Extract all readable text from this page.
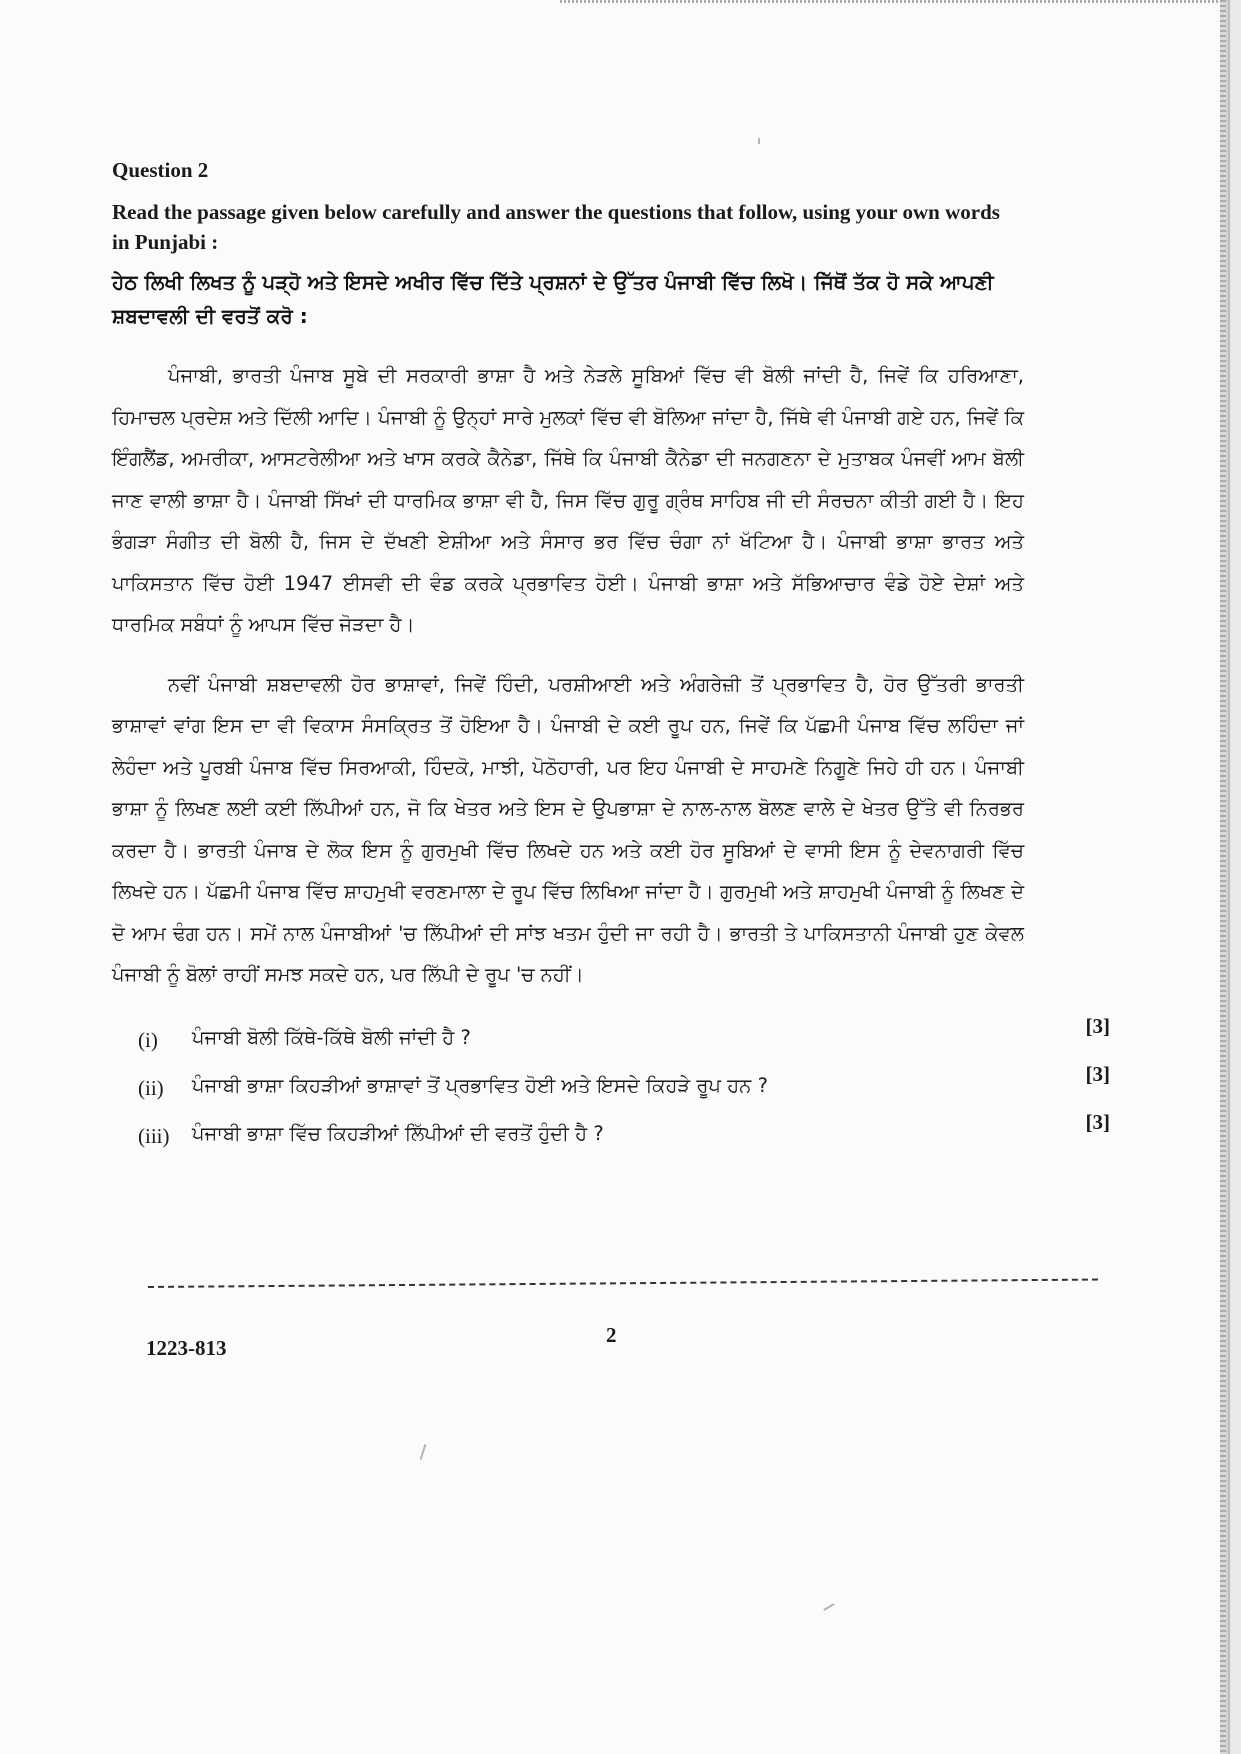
Question 2

Read the passage given below carefully and answer the questions that follow, using your own words in Punjabi :

ਹੇਠ ਲਿਖੀ ਲਿਖਤ ਨੂੰ ਪੜ੍ਹੋ ਅਤੇ ਇਸਦੇ ਅਖੀਰ ਵਿੱਚ ਦਿੱਤੇ ਪ੍ਰਸ਼ਨਾਂ ਦੇ ਉੱਤਰ ਪੰਜਾਬੀ ਵਿੱਚ ਲਿਖੋ। ਜਿੱਥੋਂ ਤੱਕ ਹੋ ਸਕੇ ਆਪਣੀ ਸ਼ਬਦਾਵਲੀ ਦੀ ਵਰਤੋਂ ਕਰੋ :

ਪੰਜਾਬੀ, ਭਾਰਤੀ ਪੰਜਾਬ ਸੂਬੇ ਦੀ ਸਰਕਾਰੀ ਭਾਸ਼ਾ ਹੈ ਅਤੇ ਨੇੜਲੇ ਸੂਬਿਆਂ ਵਿੱਚ ਵੀ ਬੋਲੀ ਜਾਂਦੀ ਹੈ, ਜਿਵੇਂ ਕਿ ਹਰਿਆਣਾ, ਹਿਮਾਚਲ ਪ੍ਰਦੇਸ਼ ਅਤੇ ਦਿੱਲੀ ਆਦਿ। ਪੰਜਾਬੀ ਨੂੰ ਉਨ੍ਹਾਂ ਸਾਰੇ ਮੁਲਕਾਂ ਵਿੱਚ ਵੀ ਬੋਲਿਆ ਜਾਂਦਾ ਹੈ, ਜਿੱਥੇ ਵੀ ਪੰਜਾਬੀ ਗਏ ਹਨ, ਜਿਵੇਂ ਕਿ ਇੰਗਲੈਂਡ, ਅਮਰੀਕਾ, ਆਸਟਰੇਲੀਆ ਅਤੇ ਖਾਸ ਕਰਕੇ ਕੈਨੇਡਾ, ਜਿੱਥੇ ਕਿ ਪੰਜਾਬੀ ਕੈਨੇਡਾ ਦੀ ਜਨਗਣਨਾ ਦੇ ਮੁਤਾਬਕ ਪੰਜਵੀਂ ਆਮ ਬੋਲੀ ਜਾਣ ਵਾਲੀ ਭਾਸ਼ਾ ਹੈ। ਪੰਜਾਬੀ ਸਿੱਖਾਂ ਦੀ ਧਾਰਮਿਕ ਭਾਸ਼ਾ ਵੀ ਹੈ, ਜਿਸ ਵਿੱਚ ਗੁਰੂ ਗ੍ਰੰਥ ਸਾਹਿਬ ਜੀ ਦੀ ਸੰਰਚਨਾ ਕੀਤੀ ਗਈ ਹੈ। ਇਹ ਭੰਗੜਾ ਸੰਗੀਤ ਦੀ ਬੋਲੀ ਹੈ, ਜਿਸ ਦੇ ਦੱਖਣੀ ਏਸ਼ੀਆ ਅਤੇ ਸੰਸਾਰ ਭਰ ਵਿੱਚ ਚੰਗਾ ਨਾਂ ਖੱਟਿਆ ਹੈ। ਪੰਜਾਬੀ ਭਾਸ਼ਾ ਭਾਰਤ ਅਤੇ ਪਾਕਿਸਤਾਨ ਵਿੱਚ ਹੋਈ 1947 ਈਸਵੀ ਦੀ ਵੰਡ ਕਰਕੇ ਪ੍ਰਭਾਵਿਤ ਹੋਈ। ਪੰਜਾਬੀ ਭਾਸ਼ਾ ਅਤੇ ਸੱਭਿਆਚਾਰ ਵੰਡੇ ਹੋਏ ਦੇਸ਼ਾਂ ਅਤੇ ਧਾਰਮਿਕ ਸਬੰਧਾਂ ਨੂੰ ਆਪਸ ਵਿੱਚ ਜੋੜਦਾ ਹੈ।

ਨਵੀਂ ਪੰਜਾਬੀ ਸ਼ਬਦਾਵਲੀ ਹੋਰ ਭਾਸ਼ਾਵਾਂ, ਜਿਵੇਂ ਹਿੰਦੀ, ਪਰਸ਼ੀਆਈ ਅਤੇ ਅੰਗਰੇਜ਼ੀ ਤੋਂ ਪ੍ਰਭਾਵਿਤ ਹੈ, ਹੋਰ ਉੱਤਰੀ ਭਾਰਤੀ ਭਾਸ਼ਾਵਾਂ ਵਾਂਗ ਇਸ ਦਾ ਵੀ ਵਿਕਾਸ ਸੰਸਕ੍ਰਿਤ ਤੋਂ ਹੋਇਆ ਹੈ। ਪੰਜਾਬੀ ਦੇ ਕਈ ਰੂਪ ਹਨ, ਜਿਵੇਂ ਕਿ ਪੱਛਮੀ ਪੰਜਾਬ ਵਿੱਚ ਲਹਿੰਦਾ ਜਾਂ ਲੇਹੰਦਾ ਅਤੇ ਪੂਰਬੀ ਪੰਜਾਬ ਵਿੱਚ ਸਿਰਆਕੀ, ਹਿੰਦਕੋ, ਮਾਝੀ, ਪੋਠੋਹਾਰੀ, ਪਰ ਇਹ ਪੰਜਾਬੀ ਦੇ ਸਾਹਮਣੇ ਨਿਗੂਣੇ ਜਿਹੇ ਹੀ ਹਨ। ਪੰਜਾਬੀ ਭਾਸ਼ਾ ਨੂੰ ਲਿਖਣ ਲਈ ਕਈ ਲਿੱਪੀਆਂ ਹਨ, ਜੋ ਕਿ ਖੇਤਰ ਅਤੇ ਇਸ ਦੇ ਉਪਭਾਸ਼ਾ ਦੇ ਨਾਲ-ਨਾਲ ਬੋਲਣ ਵਾਲੇ ਦੇ ਖੇਤਰ ਉੱਤੇ ਵੀ ਨਿਰਭਰ ਕਰਦਾ ਹੈ। ਭਾਰਤੀ ਪੰਜਾਬ ਦੇ ਲੋਕ ਇਸ ਨੂੰ ਗੁਰਮੁਖੀ ਵਿੱਚ ਲਿਖਦੇ ਹਨ ਅਤੇ ਕਈ ਹੋਰ ਸੂਬਿਆਂ ਦੇ ਵਾਸੀ ਇਸ ਨੂੰ ਦੇਵਨਾਗਰੀ ਵਿੱਚ ਲਿਖਦੇ ਹਨ। ਪੱਛਮੀ ਪੰਜਾਬ ਵਿੱਚ ਸ਼ਾਹਮੁਖੀ ਵਰਣਮਾਲਾ ਦੇ ਰੂਪ ਵਿੱਚ ਲਿਖਿਆ ਜਾਂਦਾ ਹੈ। ਗੁਰਮੁਖੀ ਅਤੇ ਸ਼ਾਹਮੁਖੀ ਪੰਜਾਬੀ ਨੂੰ ਲਿਖਣ ਦੇ ਦੋ ਆਮ ਢੰਗ ਹਨ। ਸਮੇਂ ਨਾਲ ਪੰਜਾਬੀਆਂ 'ਚ ਲਿੱਪੀਆਂ ਦੀ ਸਾਂਝ ਖਤਮ ਹੁੰਦੀ ਜਾ ਰਹੀ ਹੈ। ਭਾਰਤੀ ਤੇ ਪਾਕਿਸਤਾਨੀ ਪੰਜਾਬੀ ਹੁਣ ਕੇਵਲ ਪੰਜਾਬੀ ਨੂੰ ਬੋਲਾਂ ਰਾਹੀਂ ਸਮਝ ਸਕਦੇ ਹਨ, ਪਰ ਲਿੱਪੀ ਦੇ ਰੂਪ 'ਚ ਨਹੀਂ।

(i) ਪੰਜਾਬੀ ਬੋਲੀ ਕਿੱਥੇ-ਕਿੱਥੇ ਬੋਲੀ ਜਾਂਦੀ ਹੈ ?	[3]
(ii) ਪੰਜਾਬੀ ਭਾਸ਼ਾ ਕਿਹੜੀਆਂ ਭਾਸ਼ਾਵਾਂ ਤੋਂ ਪ੍ਰਭਾਵਿਤ ਹੋਈ ਅਤੇ ਇਸਦੇ ਕਿਹੜੇ ਰੂਪ ਹਨ ?	[3]
(iii) ਪੰਜਾਬੀ ਭਾਸ਼ਾ ਵਿੱਚ ਕਿਹੜੀਆਂ ਲਿੱਪੀਆਂ ਦੀ ਵਰਤੋਂ ਹੁੰਦੀ ਹੈ ?	[3]
1223-813
2
